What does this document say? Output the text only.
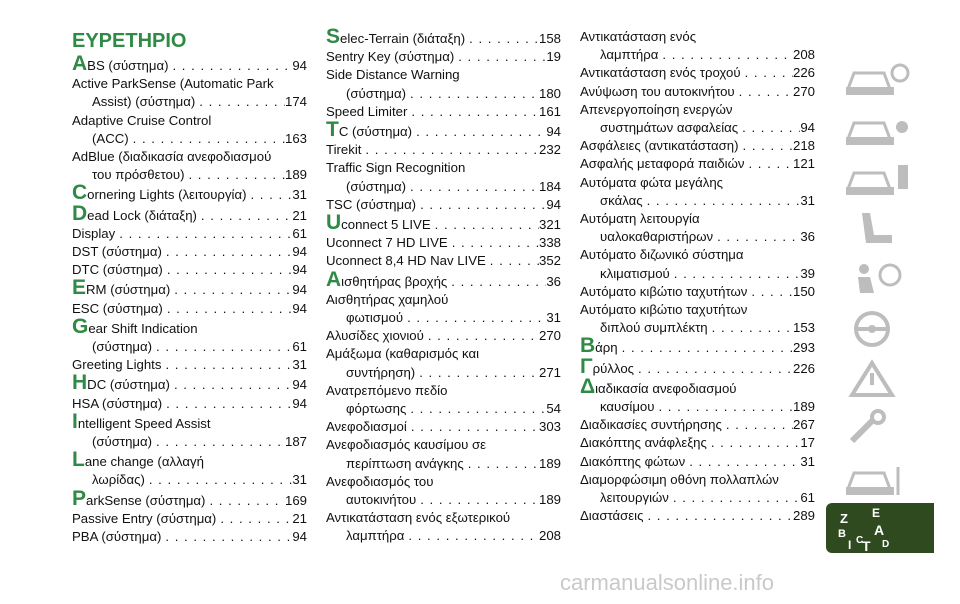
ΕΥΡΕΤΗΡΙΟ
ABS (σύστημα) . . .	94
Active ParkSense (Automatic Park
Assist) (σύστημα) . . .	174
Adaptive Cruise Control
(ACC) . . .	163
AdBlue (διαδικασία ανεφοδιασμού
του πρόσθετου) . . .	189
Cornering Lights (λειτουργία) . . .	31
Dead Lock (διάταξη) . . .	21
Display . . .	61
DST (σύστημα) . . .	94
DTC (σύστημα) . . .	94
ERM (σύστημα) . . .	94
ESC (σύστημα) . . .	94
Gear Shift Indication
(σύστημα) . . .	61
Greeting Lights . . .	31
HDC (σύστημα) . . .	94
HSA (σύστημα) . . .	94
Intelligent Speed Assist
(σύστημα) . . .	187
Lane change (αλλαγή
λωρίδας) . . .	31
ParkSense (σύστημα) . . .	169
Passive Entry (σύστημα) . . .	21
PBA (σύστημα) . . .	94
Selec-Terrain (διάταξη) . . .	158
Sentry Key (σύστημα) . . .	19
Side Distance Warning
(σύστημα) . . .	180
Speed Limiter . . .	161
TC (σύστημα) . . .	94
Tirekit . . .	232
Traffic Sign Recognition
(σύστημα) . . .	184
TSC (σύστημα) . . .	94
Uconnect 5 LIVE . . .	321
Uconnect 7 HD LIVE . . .	338
Uconnect 8,4 HD Nav LIVE . . .	352
Αισθητήρας βροχής . . .	36
Αισθητήρας χαμηλού
φωτισμού . . .	31
Αλυσίδες χιονιού . . .	270
Αμάξωμα (καθαρισμός και
συντήρηση) . . .	271
Ανατρεπόμενο πεδίο
φόρτωσης . . .	54
Ανεφοδιασμοί . . .	303
Ανεφοδιασμός καυσίμου σε
περίπτωση ανάγκης . . .	189
Ανεφοδιασμός του
αυτοκινήτου . . .	189
Αντικατάσταση ενός εξωτερικού
λαμπτήρα . . .	208
Αντικατάσταση ενός
λαμπτήρα . . .	208
Αντικατάσταση ενός τροχού . . .	226
Ανύψωση του αυτοκινήτου . . .	270
Απενεργοποίηση ενεργών
συστημάτων ασφαλείας . . .	94
Ασφάλειες (αντικατάσταση) . . .	218
Ασφαλής μεταφορά παιδιών . . .	121
Αυτόματα φώτα μεγάλης
σκάλας . . .	31
Αυτόματη λειτουργία
υαλοκαθαριστήρων . . .	36
Αυτόματο διζωνικό σύστημα
κλιματισμού . . .	39
Αυτόματο κιβώτιο ταχυτήτων . . .	150
Αυτόματο κιβώτιο ταχυτήτων
διπλού συμπλέκτη . . .	153
Βάρη . . .	293
Γρύλλος . . .	226
Διαδικασία ανεφοδιασμού
καυσίμου . . .	189
Διαδικασίες συντήρησης . . .	267
Διακόπτης ανάφλεξης . . .	17
Διακόπτης φώτων . . .	31
Διαμορφώσιμη οθόνη πολλαπλών
λειτουργιών . . .	61
Διαστάσεις . . .	289 Z E
B A
I C
T D
carmanualsonline.info
